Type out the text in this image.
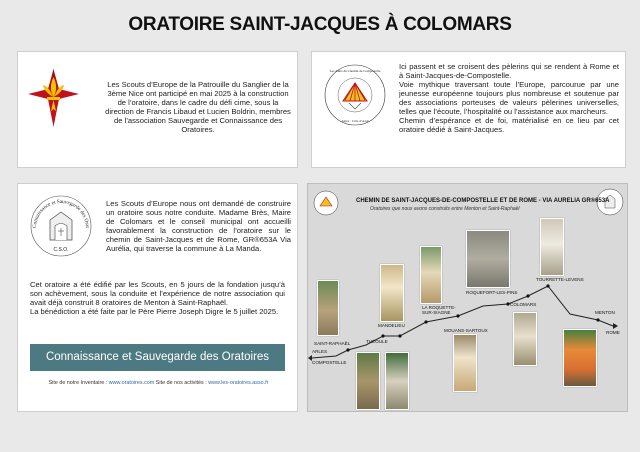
ORATOIRE SAINT-JACQUES À COLOMARS
Les Scouts d’Europe de la Patrouille du Sanglier de la 3ème Nice ont participé en mai 2025 à la construction de l’oratoire, dans le cadre du défi cime, sous la direction de Francis Libaud et Lucien Boldrin, membres de l’association Sauvegarde et Connaissance des Oratoires.
Les Amis du Chemin de Compostelle
Alpes · Côte d’Azur
Ici passent et se croisent des pèlerins qui se rendent à Rome et à Saint-Jacques-de-Compostelle.
Voie mythique traversant toute l’Europe, parcourue par une jeunesse européenne toujours plus nombreuse et soutenue par des associations porteuses de valeurs pèlerines universelles, telles que l’écoute, l’hospitalité ou l’assistance aux marcheurs.
Chemin d’espérance et de foi, matérialisé en ce lieu par cet oratoire dédié à Saint-Jacques.
Connaissance et Sauvegarde des Orat
C.S.O.
Les Scouts d’Europe nous ont demandé de construire un oratoire sous notre conduite. Madame Brès, Maire de Colomars et le conseil municipal ont accueilli favorablement la construction de l’oratoire sur le chemin de Saint-Jacques et de Rome, GR®653A Via Aurélia, qui traverse la commune à La Manda.
Cet oratoire a été édifié par les Scouts, en 5 jours de la fondation jusqu’à son achèvement, sous la conduite et l’expérience de notre association qui avait déjà construit 8 oratoires de Menton à Saint-Raphaël.
La bénédiction a été faite par le Père Pierre Joseph Digre le 5 juillet 2025.
Connaissance et Sauvegarde des Oratoires
Site de notre Inventaire : www.oratoires.com Site de nos activités : www.les-oratoires.asso.fr
CHEMIN DE SAINT-JACQUES-DE-COMPOSTELLE ET DE ROME - VIA AURELIA GR®653A
Oratoires que nous avons construits entre Menton et Saint-Raphaël
ARLES
COMPOSTELLE
SAINT-RAPHAËL	THÉOULE
MANDELIEU
LA ROQUETTE-SUR-SIAGNE
MOUANS-SARTOUX
ROQUEFORT-LES-PINS
COLOMARS
TOURRETTE-LEVENS
MENTON
ROME
